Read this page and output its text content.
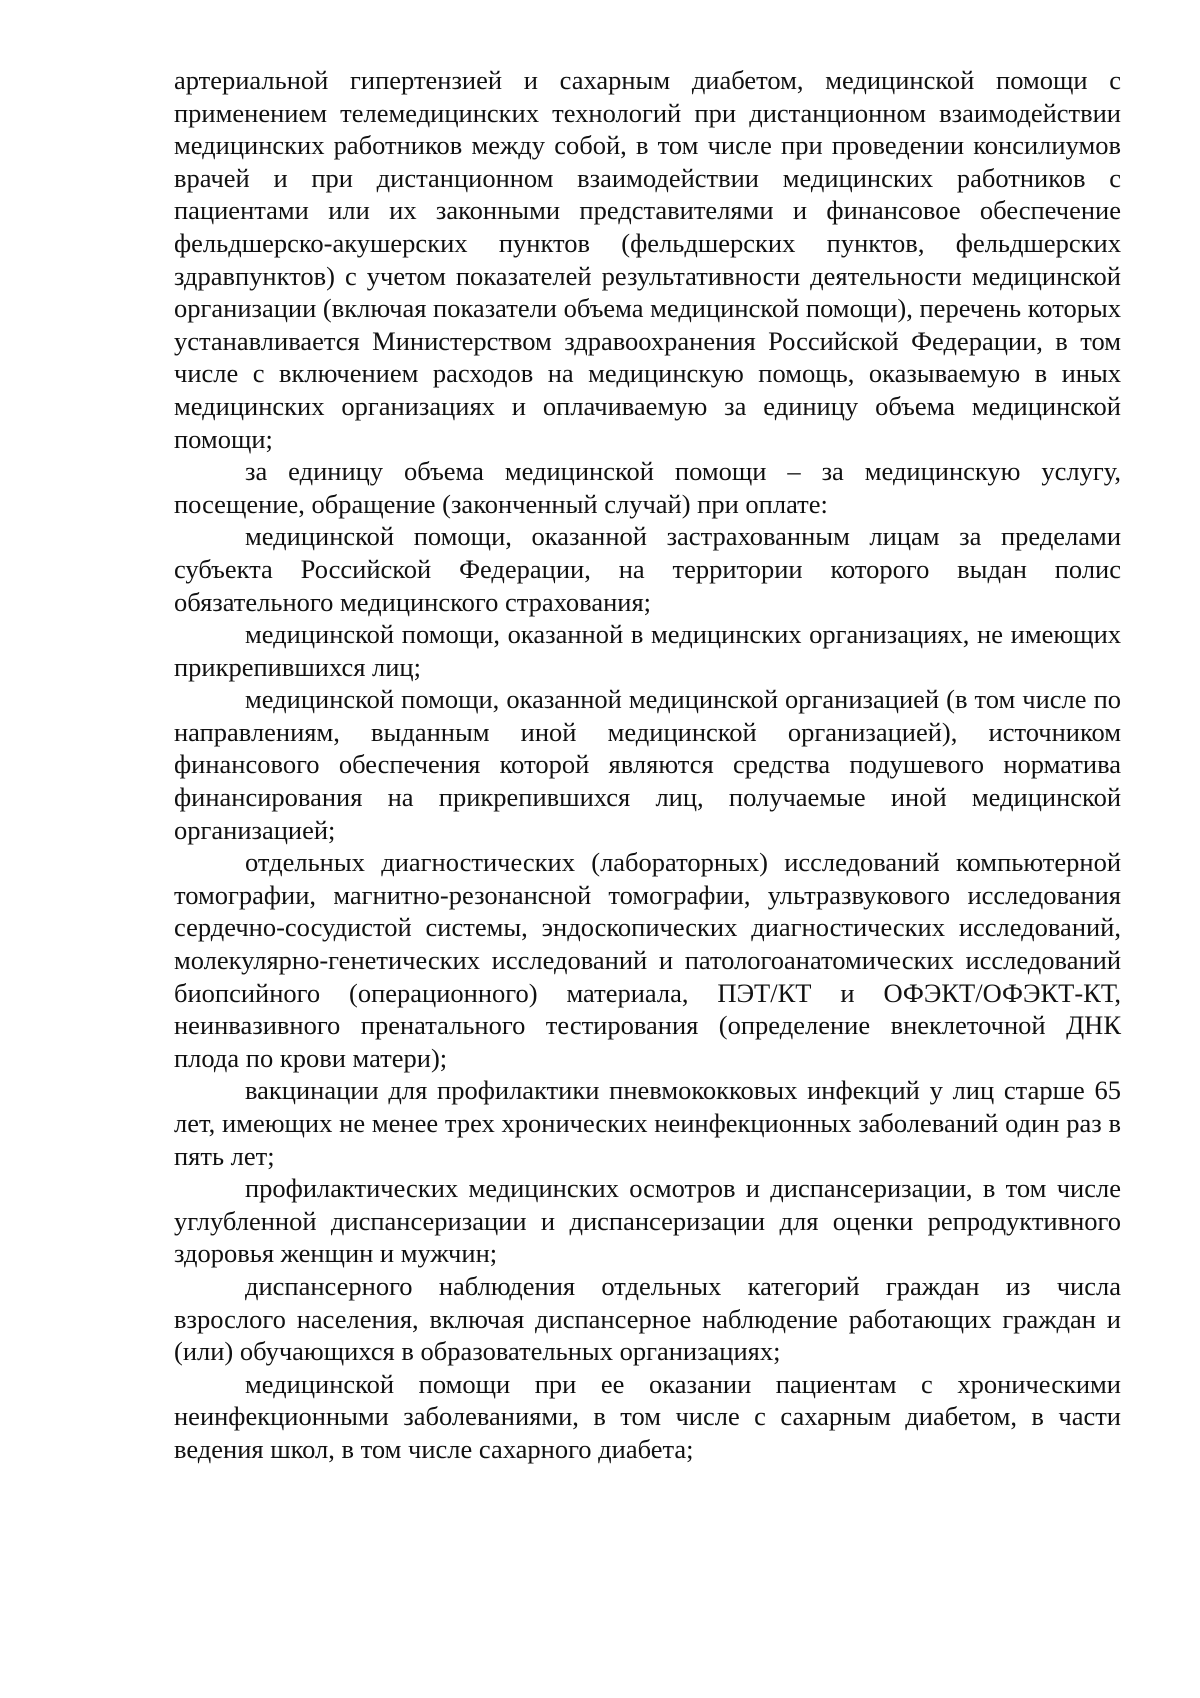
артериальной гипертензией и сахарным диабетом, медицинской помощи с применением телемедицинских технологий при дистанционном взаимодействии медицинских работников между собой, в том числе при проведении консилиумов врачей и при дистанционном взаимодействии медицинских работников с пациентами или их законными представителями и финансовое обеспечение фельдшерско-акушерских пунктов (фельдшерских пунктов, фельдшерских здравпунктов) с учетом показателей результативности деятельности медицинской организации (включая показатели объема медицинской помощи), перечень которых устанавливается Министерством здравоохранения Российской Федерации, в том числе с включением расходов на медицинскую помощь, оказываемую в иных медицинских организациях и оплачиваемую за единицу объема медицинской помощи;

за единицу объема медицинской помощи – за медицинскую услугу, посещение, обращение (законченный случай) при оплате:

медицинской помощи, оказанной застрахованным лицам за пределами субъекта Российской Федерации, на территории которого выдан полис обязательного медицинского страхования;

медицинской помощи, оказанной в медицинских организациях, не имеющих прикрепившихся лиц;

медицинской помощи, оказанной медицинской организацией (в том числе по направлениям, выданным иной медицинской организацией), источником финансового обеспечения которой являются средства подушевого норматива финансирования на прикрепившихся лиц, получаемые иной медицинской организацией;

отдельных диагностических (лабораторных) исследований компьютерной томографии, магнитно-резонансной томографии, ультразвукового исследования сердечно-сосудистой системы, эндоскопических диагностических исследований, молекулярно-генетических исследований и патологоанатомических исследований биопсийного (операционного) материала, ПЭТ/КТ и ОФЭКТ/ОФЭКТ-КТ, неинвазивного пренатального тестирования (определение внеклеточной ДНК плода по крови матери);

вакцинации для профилактики пневмококковых инфекций у лиц старше 65 лет, имеющих не менее трех хронических неинфекционных заболеваний один раз в пять лет;

профилактических медицинских осмотров и диспансеризации, в том числе углубленной диспансеризации и диспансеризации для оценки репродуктивного здоровья женщин и мужчин;

диспансерного наблюдения отдельных категорий граждан из числа взрослого населения, включая диспансерное наблюдение работающих граждан и (или) обучающихся в образовательных организациях;

медицинской помощи при ее оказании пациентам с хроническими неинфекционными заболеваниями, в том числе с сахарным диабетом, в части ведения школ, в том числе сахарного диабета;
